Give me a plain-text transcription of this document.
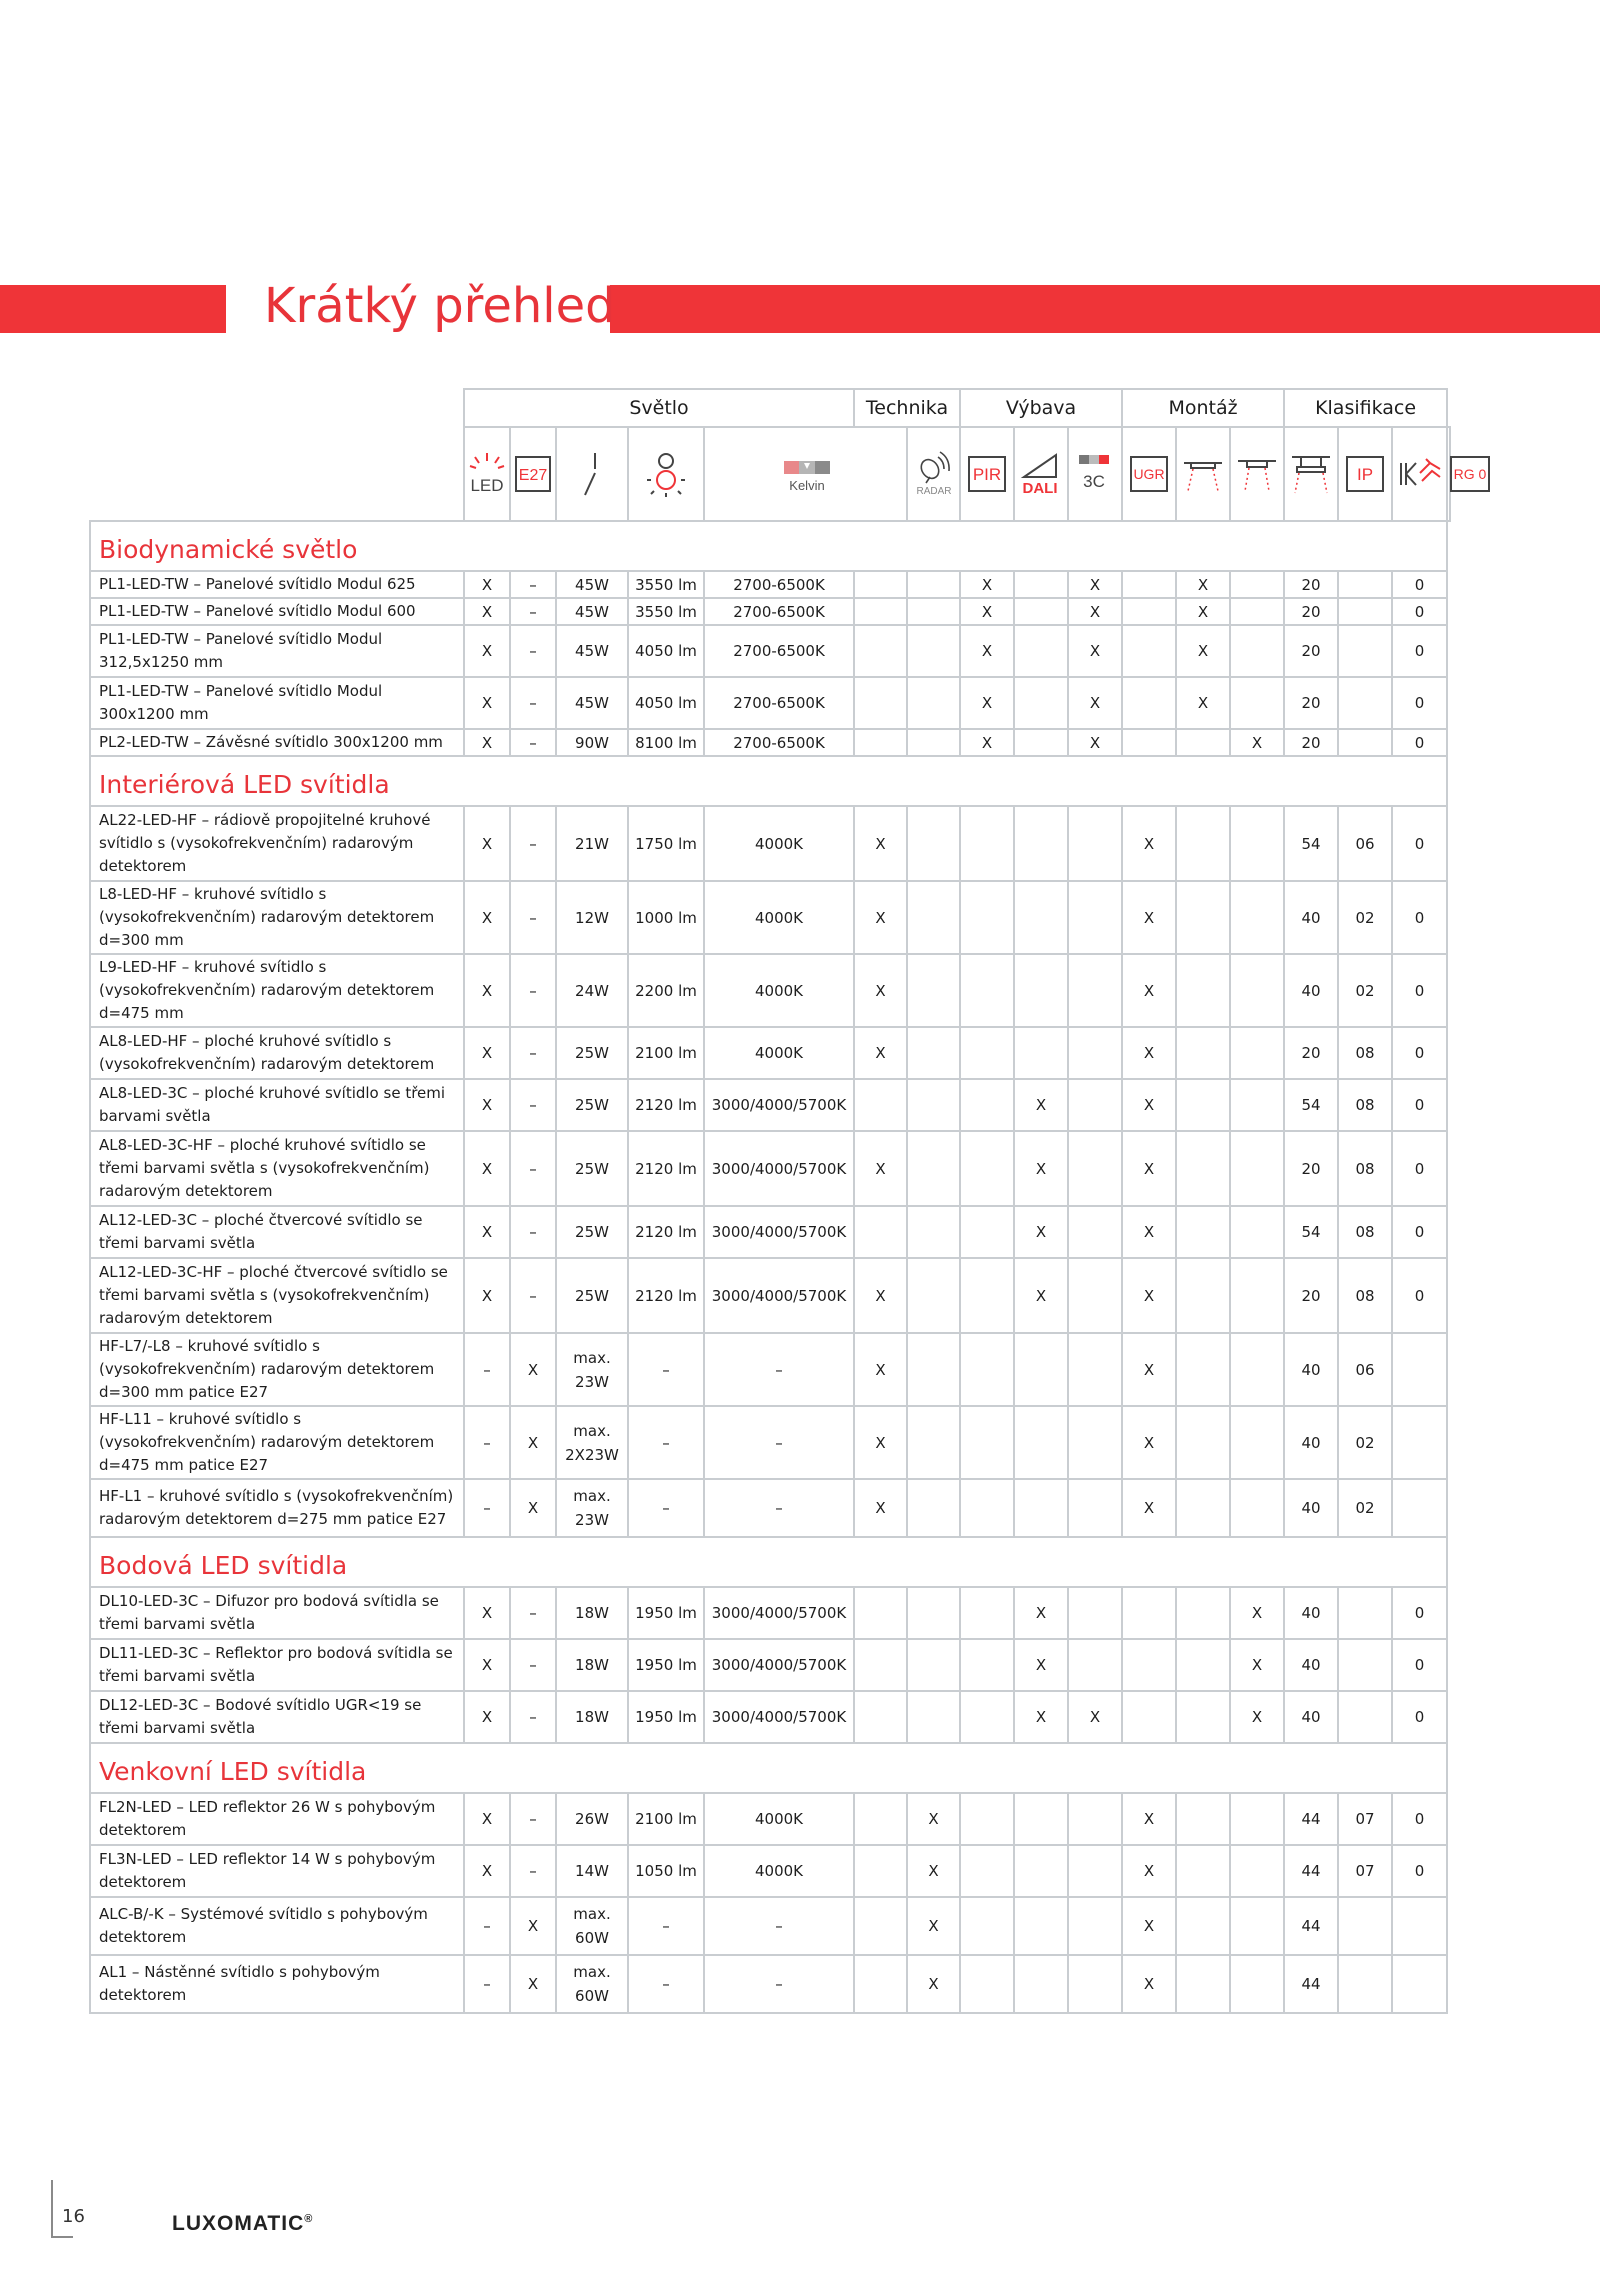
Krátký přehled
	Světlo					Technika		Výbava			Montáž			Klasifikace			

LED	E27			Kelvin		RADAR	PIR	DALI	3C	UGR				IP		RG 0

Biodynamické světlo																	
PL1-LED-TW – Panelové svítidlo Modul 625	X	–	45W	3550 lm	2700-6500K			X		X		X		20		0	
PL1-LED-TW – Panelové svítidlo Modul 600	X	–	45W	3550 lm	2700-6500K			X		X		X		20		0	
PL1-LED-TW – Panelové svítidlo Modul 312,5x1250 mm	X	–	45W	4050 lm	2700-6500K			X		X		X		20		0	
PL1-LED-TW – Panelové svítidlo Modul 300x1200 mm	X	–	45W	4050 lm	2700-6500K			X		X		X		20		0	
PL2-LED-TW – Závěsné svítidlo 300x1200 mm	X	–	90W	8100 lm	2700-6500K			X		X			X	20		0	
Interiérová LED svítidla																	
AL22-LED-HF – rádiově propojitelné kruhové svítidlo s (vysokofrekvenčním) radarovým detektorem	X	–	21W	1750 lm	4000K	X					X			54	06	0	
L8-LED-HF – kruhové svítidlo s (vysokofrekvenčním) radarovým detektorem d=300 mm	X	–	12W	1000 lm	4000K	X					X			40	02	0	
L9-LED-HF – kruhové svítidlo s (vysokofrekvenčním) radarovým detektorem d=475 mm	X	–	24W	2200 lm	4000K	X					X			40	02	0	
AL8-LED-HF – ploché kruhové svítidlo s (vysokofrekvenčním) radarovým detektorem	X	–	25W	2100 lm	4000K	X					X			20	08	0	
AL8-LED-3C – ploché kruhové svítidlo se třemi barvami světla	X	–	25W	2120 lm	3000/4000/5700K				X		X			54	08	0	
AL8-LED-3C-HF – ploché kruhové svítidlo se třemi barvami světla s (vysokofrekvenčním) radarovým detektorem	X	–	25W	2120 lm	3000/4000/5700K	X			X		X			20	08	0	
AL12-LED-3C – ploché čtvercové svítidlo se třemi barvami světla	X	–	25W	2120 lm	3000/4000/5700K				X		X			54	08	0	
AL12-LED-3C-HF – ploché čtvercové svítidlo se třemi barvami světla s (vysokofrekvenčním) radarovým detektorem	X	–	25W	2120 lm	3000/4000/5700K	X			X		X			20	08	0	
HF-L7/-L8 – kruhové svítidlo s (vysokofrekvenčním) radarovým detektorem d=300 mm patice E27	–	X	max. 23W	–	–	X					X			40	06		
HF-L11 – kruhové svítidlo s (vysokofrekvenčním) radarovým detektorem d=475 mm patice E27	–	X	max. 2X23W	–	–	X					X			40	02		
HF-L1 – kruhové svítidlo s (vysokofrekvenčním) radarovým detektorem d=275 mm patice E27	–	X	max. 23W	–	–	X					X			40	02		
Bodová LED svítidla																	
DL10-LED-3C – Difuzor pro bodová svítidla se třemi barvami světla	X	–	18W	1950 lm	3000/4000/5700K				X				X	40		0	
DL11-LED-3C – Reflektor pro bodová svítidla se třemi barvami světla	X	–	18W	1950 lm	3000/4000/5700K				X				X	40		0	
DL12-LED-3C – Bodové svítidlo UGR<19 se třemi barvami světla	X	–	18W	1950 lm	3000/4000/5700K				X	X			X	40		0	
Venkovní LED svítidla																	
FL2N-LED – LED reflektor 26 W s pohybovým detektorem	X	–	26W	2100 lm	4000K		X				X			44	07	0	
FL3N-LED – LED reflektor 14 W s pohybovým detektorem	X	–	14W	1050 lm	4000K		X				X			44	07	0	
ALC-B/-K – Systémové svítidlo s pohybovým detektorem	–	X	max. 60W	–	–		X				X			44			
AL1 – Nástěnné svítidlo s pohybovým detektorem	–	X	max. 60W	–	–		X				X			44			
16	LUXOMATIC®
